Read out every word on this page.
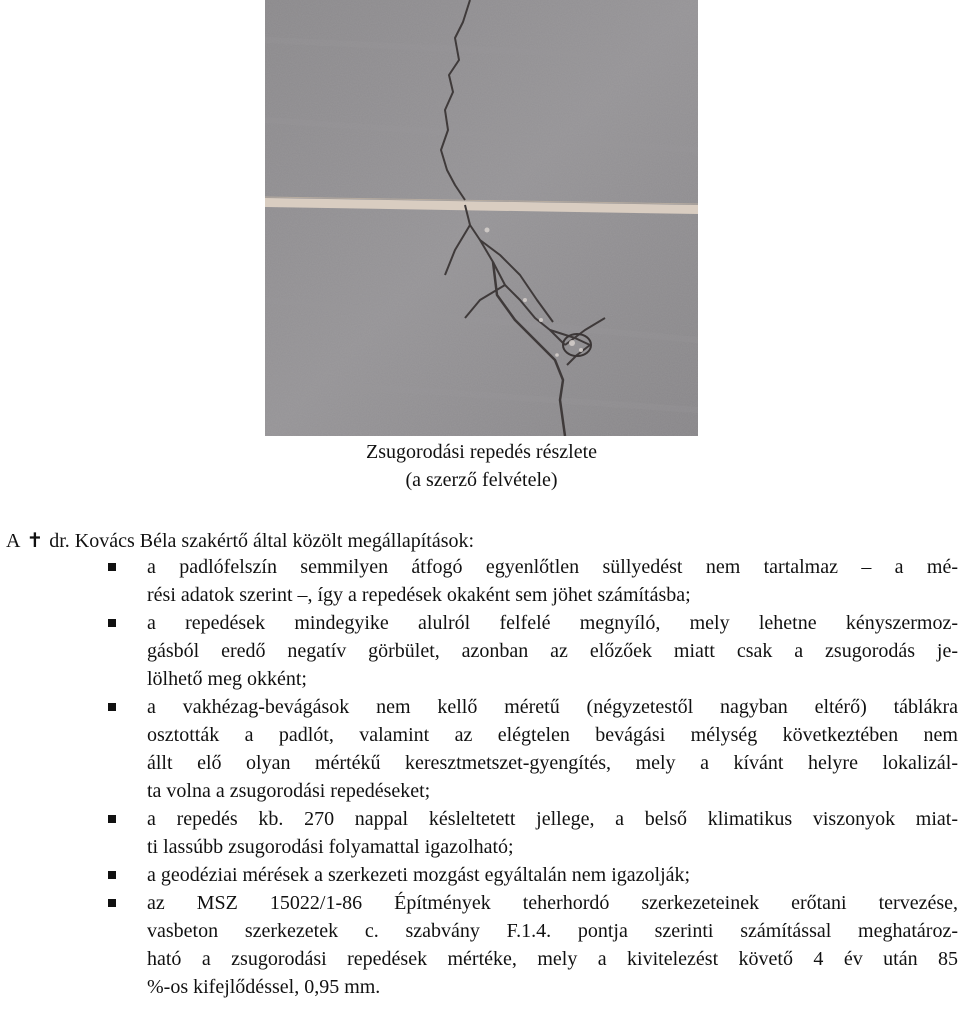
Zsugorodási repedés részlete
(a szerző felvétele)
A ✝ dr. Kovács Béla szakértő által közölt megállapítások:
a padlófelszín semmilyen átfogó egyenlőtlen süllyedést nem tartalmaz – a mé-
rési adatok szerint –, így a repedések okaként sem jöhet számításba;
a repedések mindegyike alulról felfelé megnyíló, mely lehetne kényszermoz-
gásból eredő negatív görbület, azonban az előzőek miatt csak a zsugorodás je-
lölhető meg okként;
a vakhézag-bevágások nem kellő méretű (négyzetestől nagyban eltérő) táblákra
osztották a padlót, valamint az elégtelen bevágási mélység következtében nem
állt elő olyan mértékű keresztmetszet-gyengítés, mely a kívánt helyre lokalizál-
ta volna a zsugorodási repedéseket;
a repedés kb. 270 nappal késleltetett jellege, a belső klimatikus viszonyok miat-
ti lassúbb zsugorodási folyamattal igazolható;
a geodéziai mérések a szerkezeti mozgást egyáltalán nem igazolják;
az MSZ 15022/1-86 Építmények teherhordó szerkezeteinek erőtani tervezése,
vasbeton szerkezetek c. szabvány F.1.4. pontja szerinti számítással meghatároz-
ható a zsugorodási repedések mértéke, mely a kivitelezést követő 4 év után 85
%-os kifejlődéssel, 0,95 mm.
